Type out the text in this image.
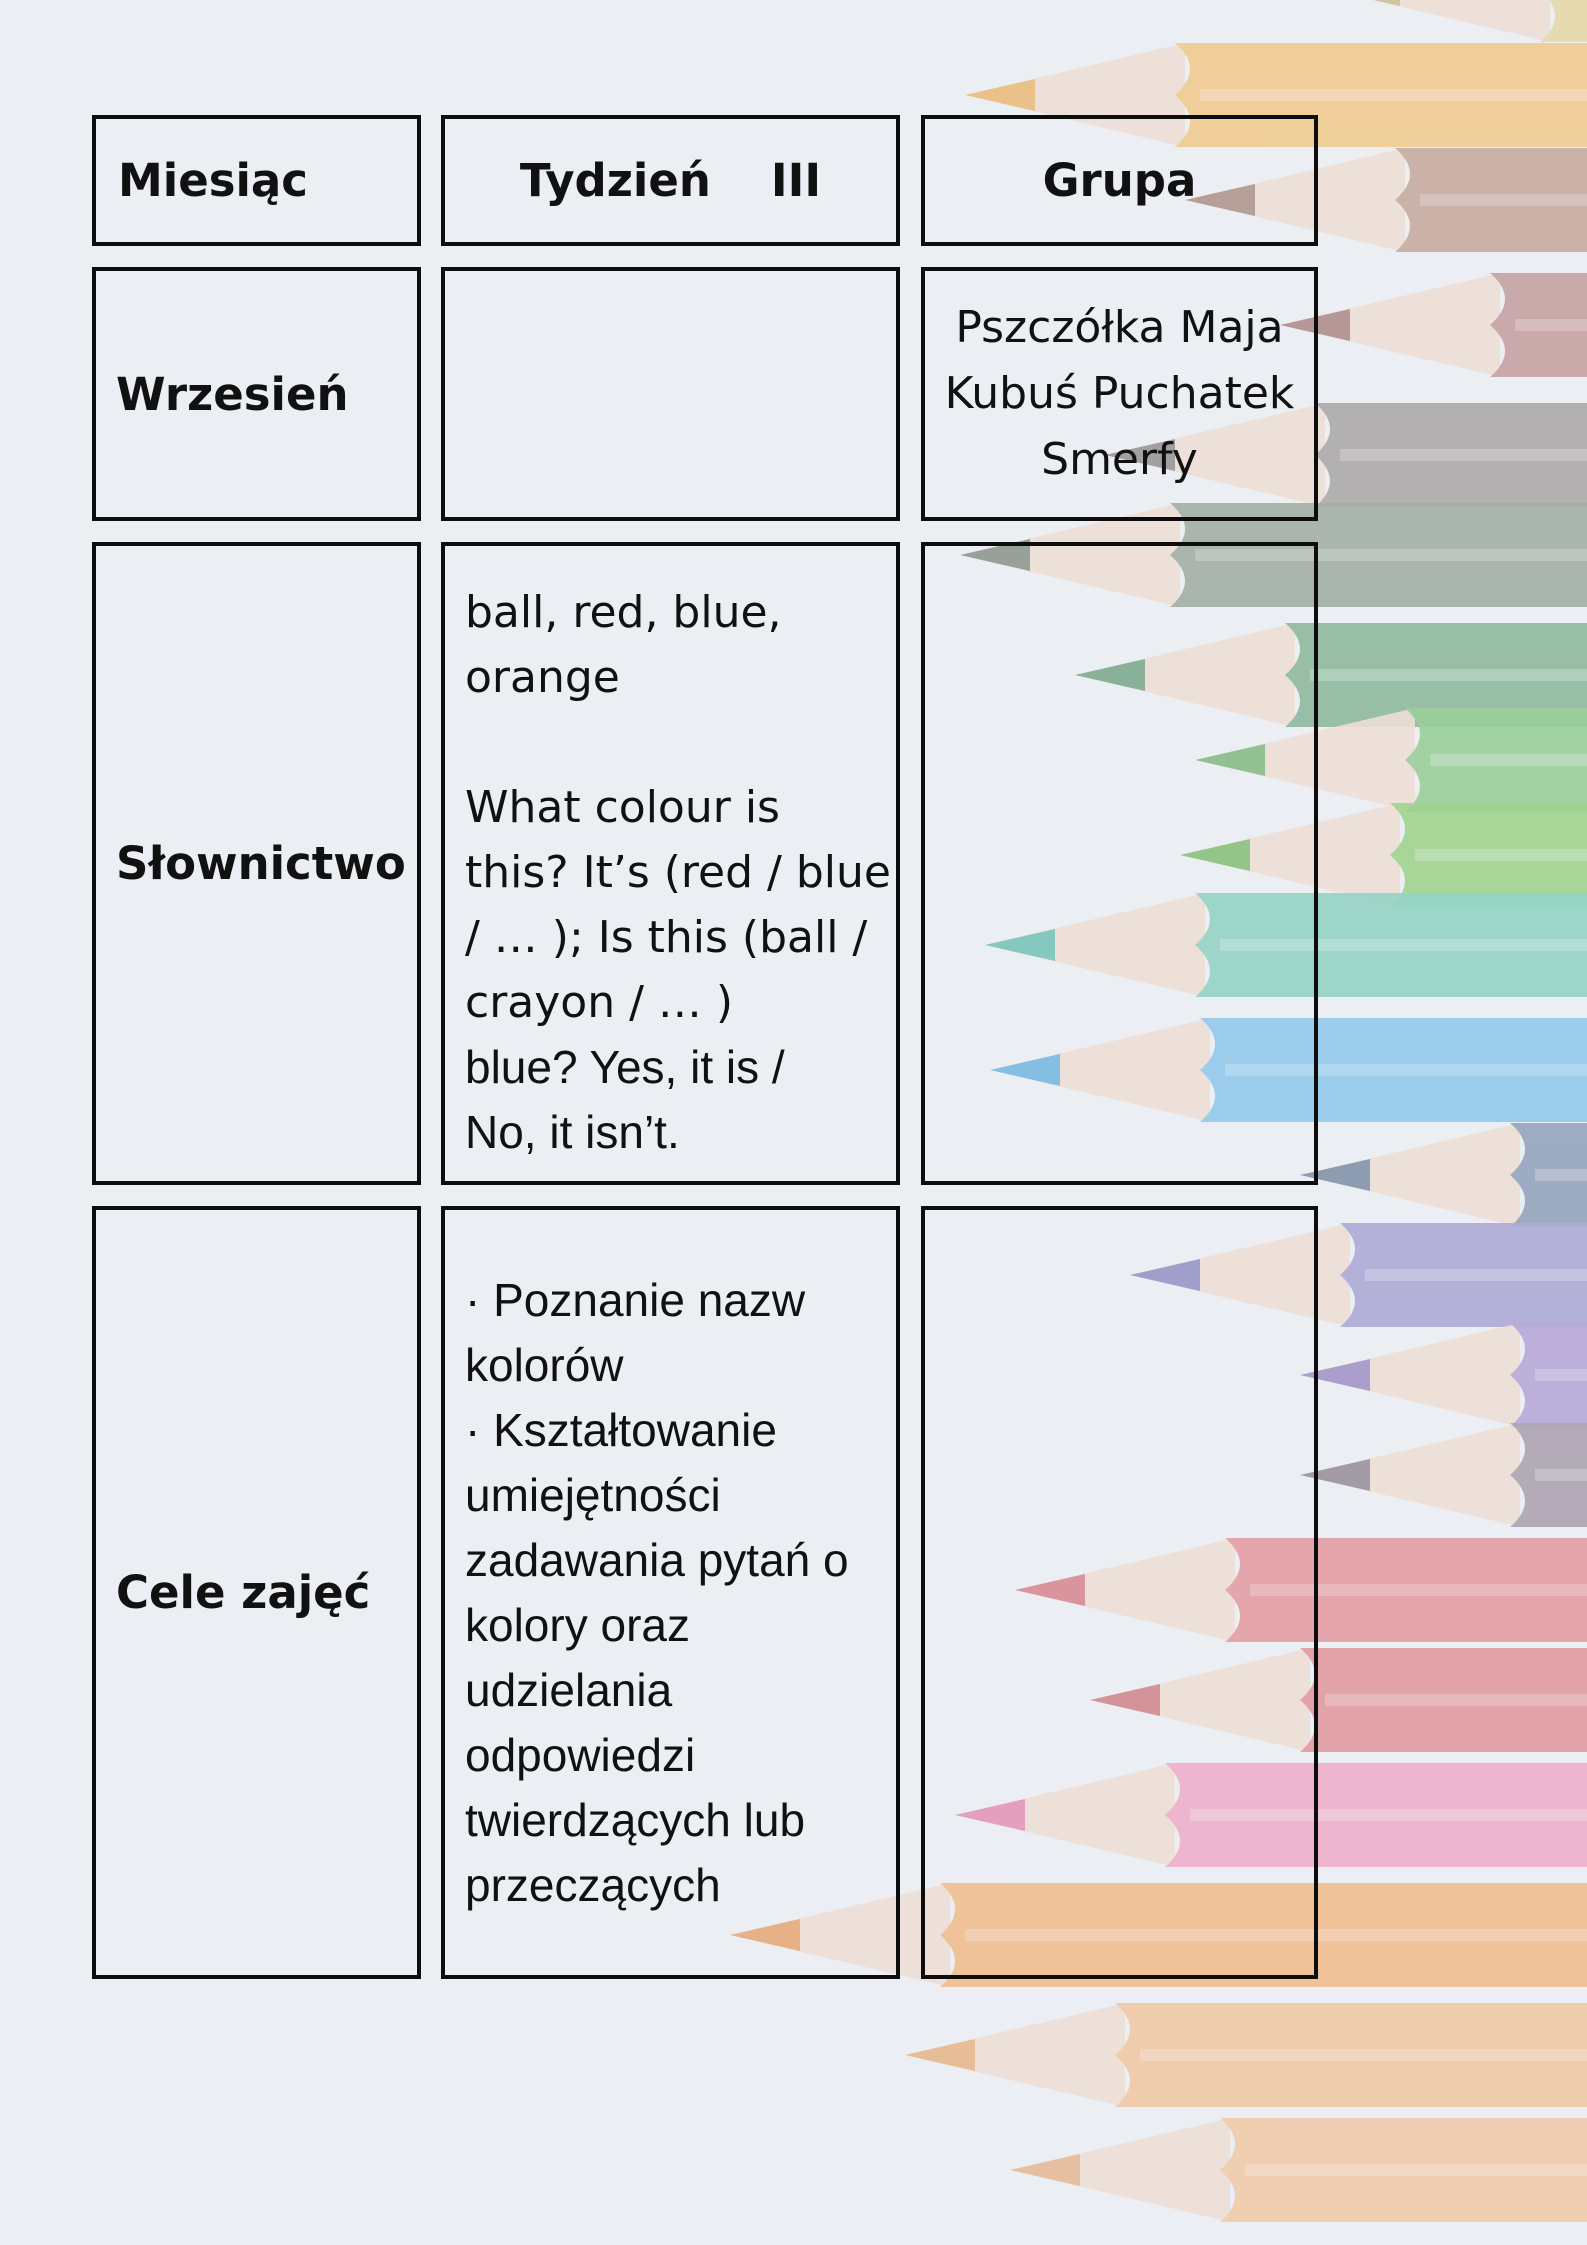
Miesiąc	Tydzień III	Grupa
Wrzesień
Pszczółka Maja
Kubuś Puchatek
Smerfy
Słownictwo
ball, red, blue,
orange
What colour is
this? It’s (red / blue
/ … ); Is this (ball /
crayon / … )
blue? Yes, it is /
No, it isn’t.
Cele zajęć
· Poznanie nazw
kolorów
· Kształtowanie
umiejętności
zadawania pytań o
kolory oraz
udzielania
odpowiedzi
twierdzących lub
przeczących
